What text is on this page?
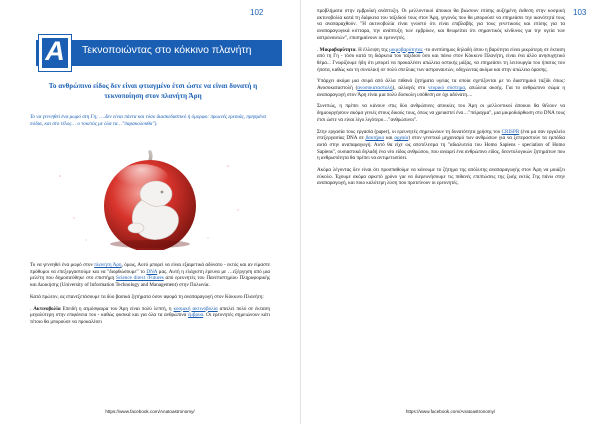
102
A	Τεκνοποιώντας στο κόκκινο πλανήτη
Το ανθρώπινο είδος δεν είναι φτιαγμένο έτσι ώστε να είναι δυνατή η τεκνοποίηση στον πλανήτη Άρη
Το να γεννηθεί ένα μωρό στη Γη; ….δεν είναι πάντα και τόσο διασκεδαστικό ή όμορφο: πρωινές ερεσιάς, πρησμένα πόδια, και στο τέλος… ο τοκετός με όλα τα…"παρακολουθα").

Το να γεννηθεί ένα μωρό στον πλανήτη Άρη, όμως, Αυτό μπορεί να είναι εξαιρετικά αδύνατο - εκτός και αν είμαστε πρόθυμοι να επεξεργαστούμε και να "διορθώσουμε" το DNA μας. Αυτή η ελάχιστη έρευνα με …εξέργηση από μια μελέτη που δημοσιεύθηκε στο επιστήμη Science direct /Futures από ερευνητές του Πανεπιστημίου Πληροφορικής και Διοικήσης (University of Information Technology and Management) στην Πολωνία.

Κατά πρώτον, ας επανεξετάσουμε τα δύο βασικά ζητήματα όσον αφορά τη αναπαραγωγή στον Κόκκινο Πλανήτη:

. Ακτινοβολία Επειδή η ατμόσφαιρα του Άρη είναι πολύ λεπτή, η κοσμική ακτινοβολία απειλεί πολύ σε έκταση μεγαλύτερη στην επιφάνεια του - καθώς φυσικά και για όλα τα ανθρώπινα έμβρυα. Οι ερευνητές σημειώνουν κάτι τέτοιο θα μπορούσε να προκαλέσει

https://www.facebook.com/Anatoastronomy/
103

προβλήματα στην εμβρυϊκή ανάπτυξη. Οι μελλοντικοί άποικοι θα βιώσουν επίσης αυξημένη έκθεση στην κοσμική ακτινοβολία κατά τη διάρκεια του ταξιδιού τους στον Άρη, γεγονός που θα μπορούσε να επηρεάσει την ικανότητά τους να αναπαραχθούν. "Η ακτινοβολία είναι γνωστό ότι είναι επιβλαβής για τους γενετικούς και επίσης για τα αναπαραγωγικά κύτταρα, την ανάπτυξη των εμβρύων, και θεωρείται ότι σημαντικός κίνδυνος για την υγεία των αστροναυτών", επισημαίνουν οι ερευνητές.

. Μικροβαρύτητα. Η έλλειψη της μικροβαρύτητας -το ανεπίσημος δηλαδή όπου η βαρύτητα είναι μικρότερη σε έκταση από τη Γη - τόσο κατά τη διάρκεια του ταξιδιού όσο και πάνω στον Κόκκινο Πλανήτη, είναι ένα άλλο ανησυχητικό θέμα... Γνωρίζουμε ήδη ότι μπορεί να προκαλέσει απώλεια οστικής μάζας, να επηρεάσει τη λειτουργία του ήπατος του ήπατα, καθώς και τη συνολική σε πολύ σπείλιας των αστροναυτών, οδηγώντας ακόμα και στην απώλεια όρασης.

Υπάρχει ακόμα μια σειρά από άλλα πιθανά ζητήματα υγείας τα οποία σχετίζονται με το διαστημικό ταξίδι όπως: Ανοσοκαταστολή (ανοσοκαταστολή), αλλαγές στο νευρικό σύστημα, απώλεια ακοής. Για το ανθρώπινο σώμα η αναπαραγωγή στον Άρη είναι μια πολύ δύσκολη υπόθεση αν όχι αδύνατη....

Συνεπώς, η πρέπει να κάνουν στις δύο ανθρώπινες αποικίες του Άρη οι μελλοντικοί άποικοι θα θέλουν να δημιουργήσουν ακόμα γενιές στους δικούς τους, όπως να χρειαστεί ένα…"πείραγμα", μια μικροδιόρθωση στο DNA τους έτσι ώστε να είναι λίγο λιγότερο…"ανθρώπινοι".

Στην εργασία τους εργασία (paper), οι ερευνητές σημειώνουν τη δυνατότητα χρήσης του CRISPR (ένα μα σαν εργαλείο επεξεργασίας DNA σε βακτήρια και αρχαία) στον γενετικό μηχανισμό των ανθρώπων για να ξεπεραστούν τα εμπόδια αυτά στην αναπαραγωγή. Αυτό θα είχε ως αποτέλεσμα τη "αδιαλυτεία του Homo Sapiens - speciation of Homo Sapiens", ουσιαστικά δηλαδή ένα νέο είδος ανθρώπου, που αναιρεί ένα ανθρώπινο είδος, δεοντολογικών ζητημάτων που η ανθρωπότητα θα πρέπει να αντιμετωπίσει.

Ακόμα λέγοντας δεν είναι ότι προσπαθούμε να κάνουμε το ζήτημα της απόλυτης αναπαραγωγής στον Άρη να μοιάζει εύκολο. Έχουμε ακόμα αρκετό χρόνο για να διερευνήσουμε τις πιθανές επιπτώσεις της ζωής εκτός Γης πάνω στην αναπαραγωγή, και ποιο καλύτερη λύση που προτείνουν οι ερευνητές.

https://www.facebook.com/Anatoastronomy/
